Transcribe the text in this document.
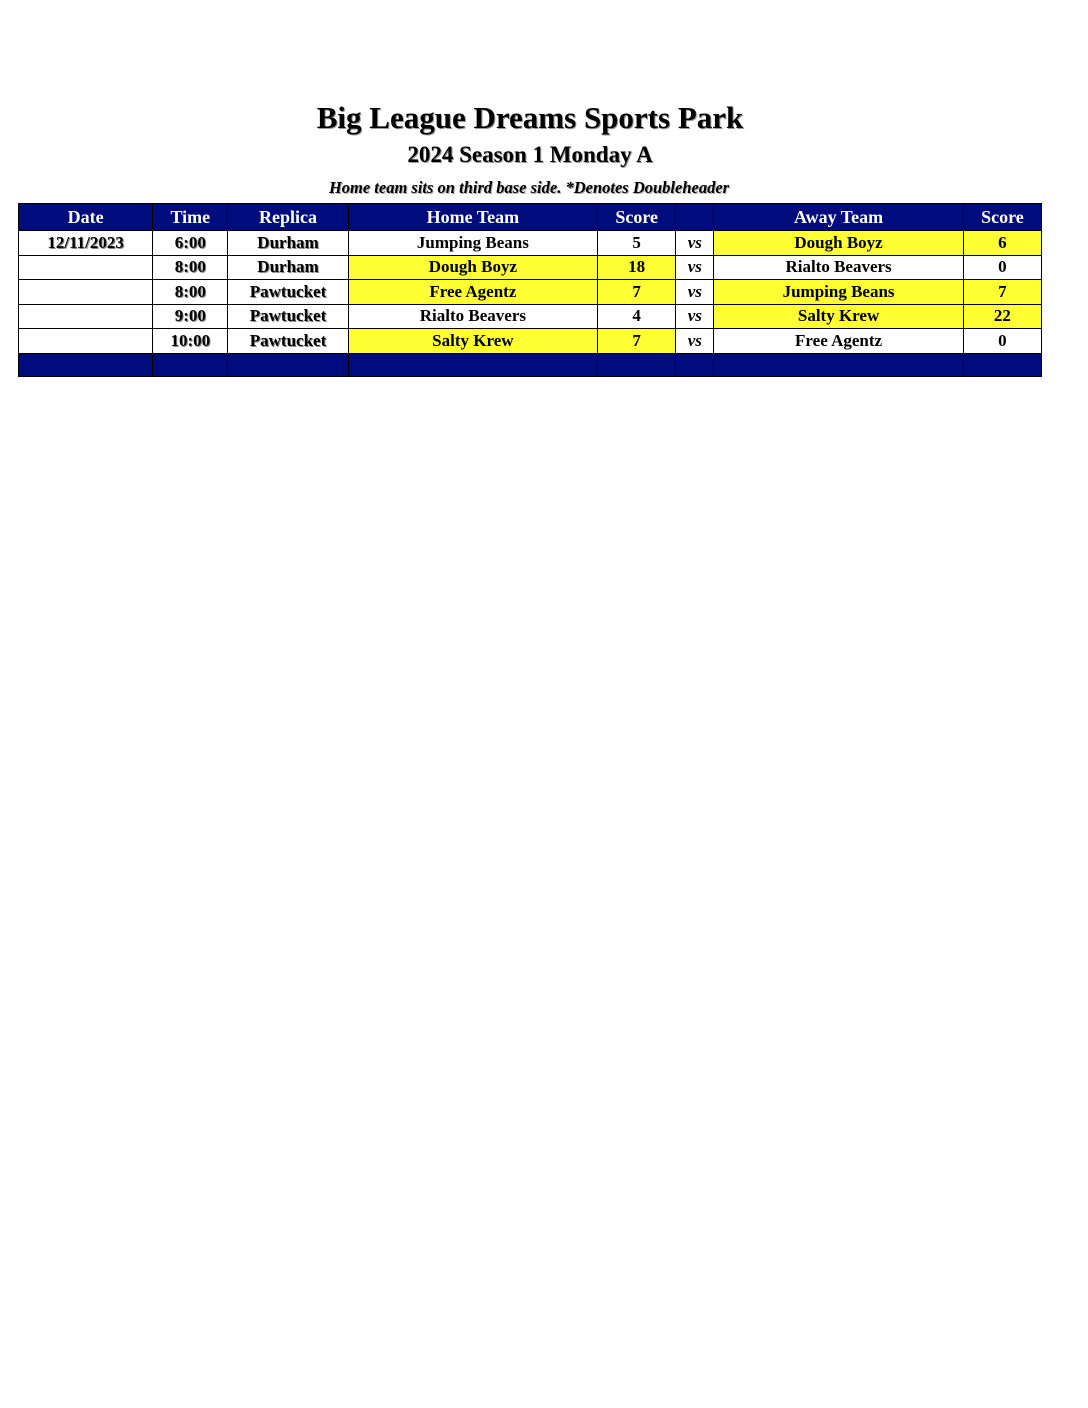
Big League Dreams Sports Park
2024 Season 1 Monday A
Home team sits on third base side. *Denotes Doubleheader
Date	Time	Replica	Home Team	Score		Away Team	Score
12/11/2023	6:00	Durham	Jumping Beans	5	vs	Dough Boyz	6
	8:00	Durham	Dough Boyz	18	vs	Rialto Beavers	0
	8:00	Pawtucket	Free Agentz	7	vs	Jumping Beans	7
	9:00	Pawtucket	Rialto Beavers	4	vs	Salty Krew	22
	10:00	Pawtucket	Salty Krew	7	vs	Free Agentz	0
